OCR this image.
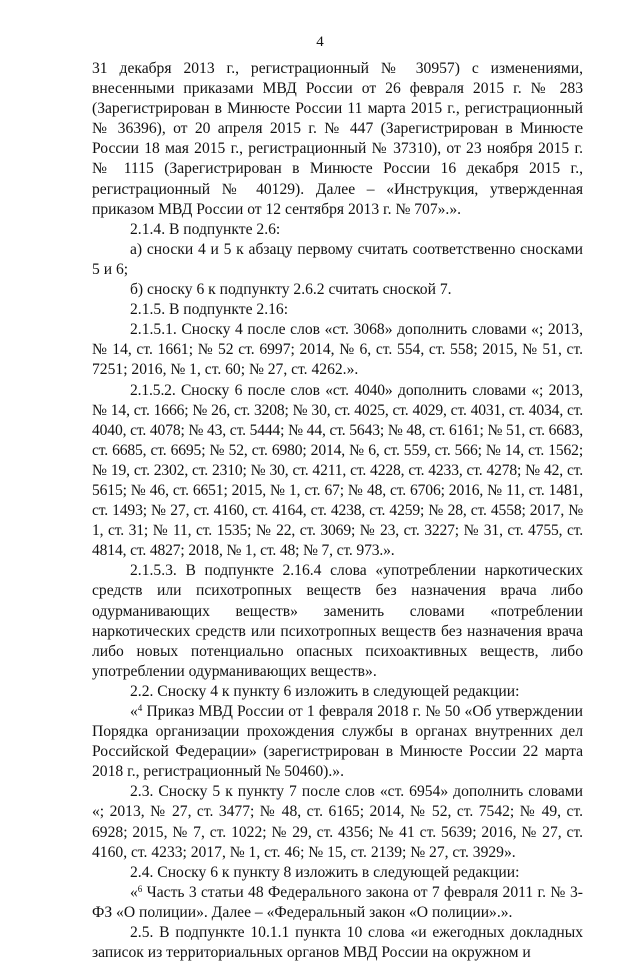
4

31 декабря 2013 г., регистрационный № 30957) с изменениями, внесенными приказами МВД России от 26 февраля 2015 г. № 283 (Зарегистрирован в Минюсте России 11 марта 2015 г., регистрационный № 36396), от 20 апреля 2015 г. № 447 (Зарегистрирован в Минюсте России 18 мая 2015 г., регистрационный № 37310), от 23 ноября 2015 г. № 1115 (Зарегистрирован в Минюсте России 16 декабря 2015 г., регистрационный № 40129). Далее – «Инструкция, утвержденная приказом МВД России от 12 сентября 2013 г. № 707».».

2.1.4. В подпункте 2.6:

а) сноски 4 и 5 к абзацу первому считать соответственно сносками 5 и 6;

б) сноску 6 к подпункту 2.6.2 считать сноской 7.

2.1.5. В подпункте 2.16:

2.1.5.1. Сноску 4 после слов «ст. 3068» дополнить словами «; 2013, № 14, ст. 1661; № 52 ст. 6997; 2014, № 6, ст. 554, ст. 558; 2015, № 51, ст. 7251; 2016, № 1, ст. 60; № 27, ст. 4262.».

2.1.5.2. Сноску 6 после слов «ст. 4040» дополнить словами «; 2013, № 14, ст. 1666; № 26, ст. 3208; № 30, ст. 4025, ст. 4029, ст. 4031, ст. 4034, ст. 4040, ст. 4078; № 43, ст. 5444; № 44, ст. 5643; № 48, ст. 6161; № 51, ст. 6683, ст. 6685, ст. 6695; № 52, ст. 6980; 2014, № 6, ст. 559, ст. 566; № 14, ст. 1562; № 19, ст. 2302, ст. 2310; № 30, ст. 4211, ст. 4228, ст. 4233, ст. 4278; № 42, ст. 5615; № 46, ст. 6651; 2015, № 1, ст. 67; № 48, ст. 6706; 2016, № 11, ст. 1481, ст. 1493; № 27, ст. 4160, ст. 4164, ст. 4238, ст. 4259; № 28, ст. 4558; 2017, № 1, ст. 31; № 11, ст. 1535; № 22, ст. 3069; № 23, ст. 3227; № 31, ст. 4755, ст. 4814, ст. 4827; 2018, № 1, ст. 48; № 7, ст. 973.».

2.1.5.3. В подпункте 2.16.4 слова «употреблении наркотических средств или психотропных веществ без назначения врача либо одурманивающих веществ» заменить словами «потреблении наркотических средств или психотропных веществ без назначения врача либо новых потенциально опасных психоактивных веществ, либо употреблении одурманивающих веществ».

2.2. Сноску 4 к пункту 6 изложить в следующей редакции:

«$^4$ Приказ МВД России от 1 февраля 2018 г. № 50 «Об утверждении Порядка организации прохождения службы в органах внутренних дел Российской Федерации» (зарегистрирован в Минюсте России 22 марта 2018 г., регистрационный № 50460).».

2.3. Сноску 5 к пункту 7 после слов «ст. 6954» дополнить словами «; 2013, № 27, ст. 3477; № 48, ст. 6165; 2014, № 52, ст. 7542; № 49, ст. 6928; 2015, № 7, ст. 1022; № 29, ст. 4356; № 41 ст. 5639; 2016, № 27, ст. 4160, ст. 4233; 2017, № 1, ст. 46; № 15, ст. 2139; № 27, ст. 3929».

2.4. Сноску 6 к пункту 8 изложить в следующей редакции:

«$^6$ Часть 3 статьи 48 Федерального закона от 7 февраля 2011 г. № 3-ФЗ «О полиции». Далее – «Федеральный закон «О полиции».».

2.5. В подпункте 10.1.1 пункта 10 слова «и ежегодных докладных записок из территориальных органов МВД России на окружном и
